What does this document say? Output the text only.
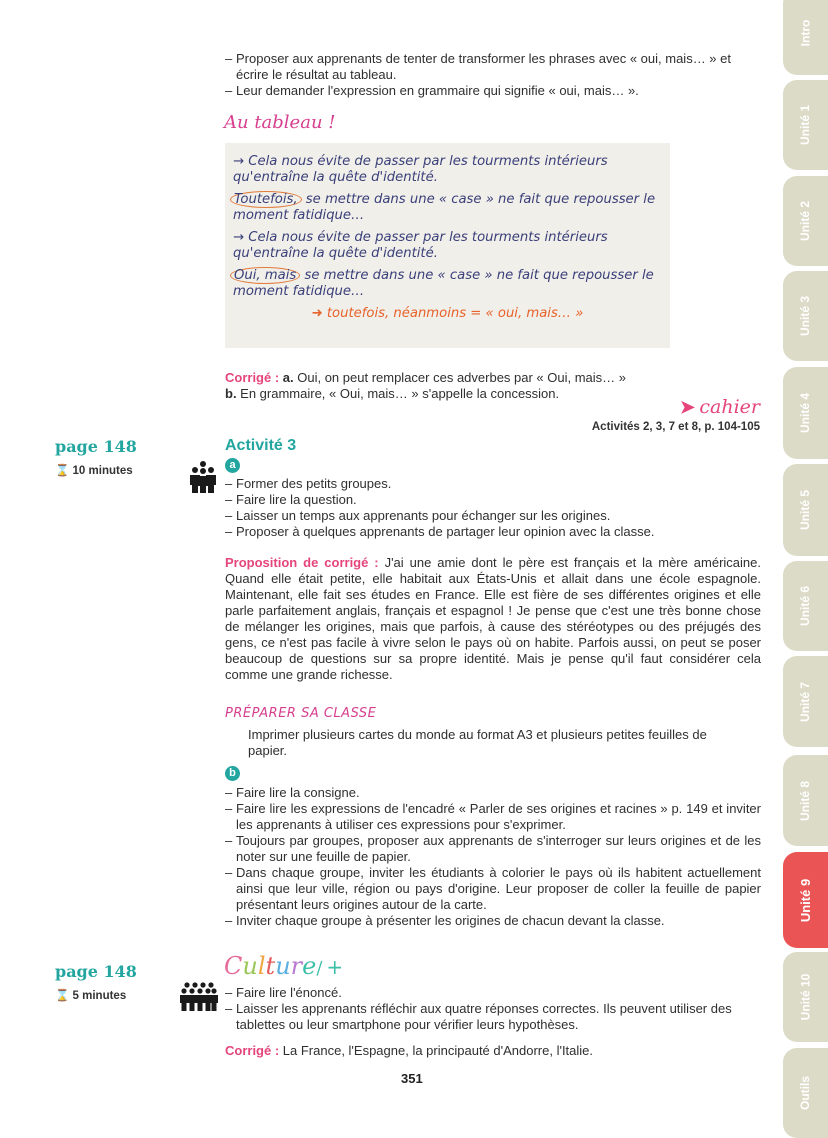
– Proposer aux apprenants de tenter de transformer les phrases avec « oui, mais… » et écrire le résultat au tableau.
– Leur demander l'expression en grammaire qui signifie « oui, mais… ».
Au tableau !

→ Cela nous évite de passer par les tourments intérieurs qu'entraîne la quête d'identité.

Toutefois, se mettre dans une « case » ne fait que repousser le moment fatidique…

→ Cela nous évite de passer par les tourments intérieurs qu'entraîne la quête d'identité.

Oui, mais se mettre dans une « case » ne fait que repousser le moment fatidique…

➜ toutefois, néanmoins = « oui, mais… »

Corrigé : a. Oui, on peut remplacer ces adverbes par « Oui, mais… »
b. En grammaire, « Oui, mais… » s'appelle la concession.
➤ cahier
Activités 2, 3, 7 et 8, p. 104-105
page 148
⌛ 10 minutes
Activité 3
a
– Former des petits groupes.
– Faire lire la question.
– Laisser un temps aux apprenants pour échanger sur les origines.
– Proposer à quelques apprenants de partager leur opinion avec la classe.
Proposition de corrigé : J'ai une amie dont le père est français et la mère américaine. Quand elle était petite, elle habitait aux États-Unis et allait dans une école espagnole. Maintenant, elle fait ses études en France. Elle est fière de ses différentes origines et elle parle parfaitement anglais, français et espagnol ! Je pense que c'est une très bonne chose de mélanger les origines, mais que parfois, à cause des stéréotypes ou des préjugés des gens, ce n'est pas facile à vivre selon le pays où on habite. Parfois aussi, on peut se poser beaucoup de questions sur sa propre identité. Mais je pense qu'il faut considérer cela comme une grande richesse.
PRÉPARER SA CLASSE
Imprimer plusieurs cartes du monde au format A3 et plusieurs petites feuilles de papier.
b
– Faire lire la consigne.
– Faire lire les expressions de l'encadré « Parler de ses origines et racines » p. 149 et inviter les apprenants à utiliser ces expressions pour s'exprimer.
– Toujours par groupes, proposer aux apprenants de s'interroger sur leurs origines et de les noter sur une feuille de papier.
– Dans chaque groupe, inviter les étudiants à colorier le pays où ils habitent actuellement ainsi que leur ville, région ou pays d'origine. Leur proposer de coller la feuille de papier présentant leurs origines autour de la carte.
– Inviter chaque groupe à présenter les origines de chacun devant la classe.
page 148
⌛ 5 minutes
Culture∕ +
– Faire lire l'énoncé.
– Laisser les apprenants réfléchir aux quatre réponses correctes. Ils peuvent utiliser des tablettes ou leur smartphone pour vérifier leurs hypothèses.
Corrigé : La France, l'Espagne, la principauté d'Andorre, l'Italie.
351
Intro
Unité 1
Unité 2
Unité 3
Unité 4
Unité 5
Unité 6
Unité 7
Unité 8
Unité 9
Unité 10
Outils
